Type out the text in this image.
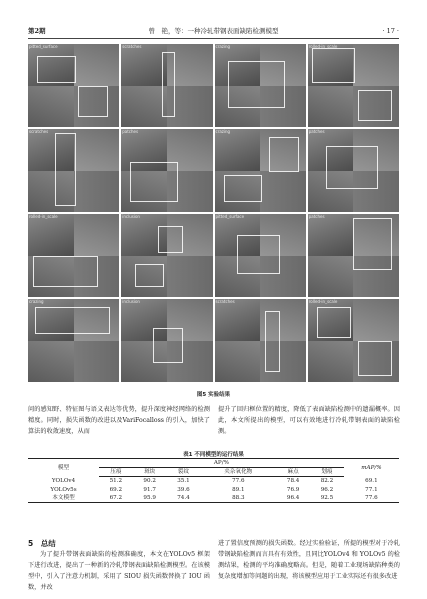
第2期	曾　艳，等：一种冷轧带钢表面缺陷检测模型	· 17 ·
pitted_surface	scratches	crazing	rolled-in_scale
scratches	patches	crazing	patches
rolled-in_scale	inclusion	pitted_surface	patches
crazing	inclusion	scratches	rolled-in_scale
图5 实验结果
问的感知野、特征图与语义表达等优势，提升深度神经网络的检测精度。同时，损失函数的改进以及VariFocalloss 的引入，加快了算法的收敛速度，从而
提升了回归框位置的精度，降低了表面缺陷检测中的遗漏概率。因此，本文所提出的模型，可以有效地进行冷轧带钢表面的缺陷检测。
表1 不同模型的运行结果
模型	AP/%						mAP/%
	压痕	斑块	裂纹	夹杂氧化物	麻点	划痕	
YOLOv4	51.2	90.2	35.1	77.6	78.4	82.2	69.1
YOLOv5s	69.2	91.7	39.6	89.1	76.9	96.2	77.1
本文模型	67.2	95.9	74.4	88.3	96.4	92.5	77.6
5　总结
为了提升带钢表面缺陷的检测准确度，本文在YOLOv5 框架下进行改进，提出了一种新的冷轧带钢表面缺陷检测模型。在该模型中，引入了注意力机制，采用了 SIOU 损失函数替换了 IOU 函数，并改
进了置信度预测的损失函数。经过实验验证，所提的模型对于冷轧带钢缺陷检测而言具有有效性，且同比YOLOv4 和 YOLOv5 的检测结果，检测的平均准确度略高。但是，随着工业现场缺陷种类的复杂度增加等问题的出现，将该模型应用于工业实际还有很多改进
